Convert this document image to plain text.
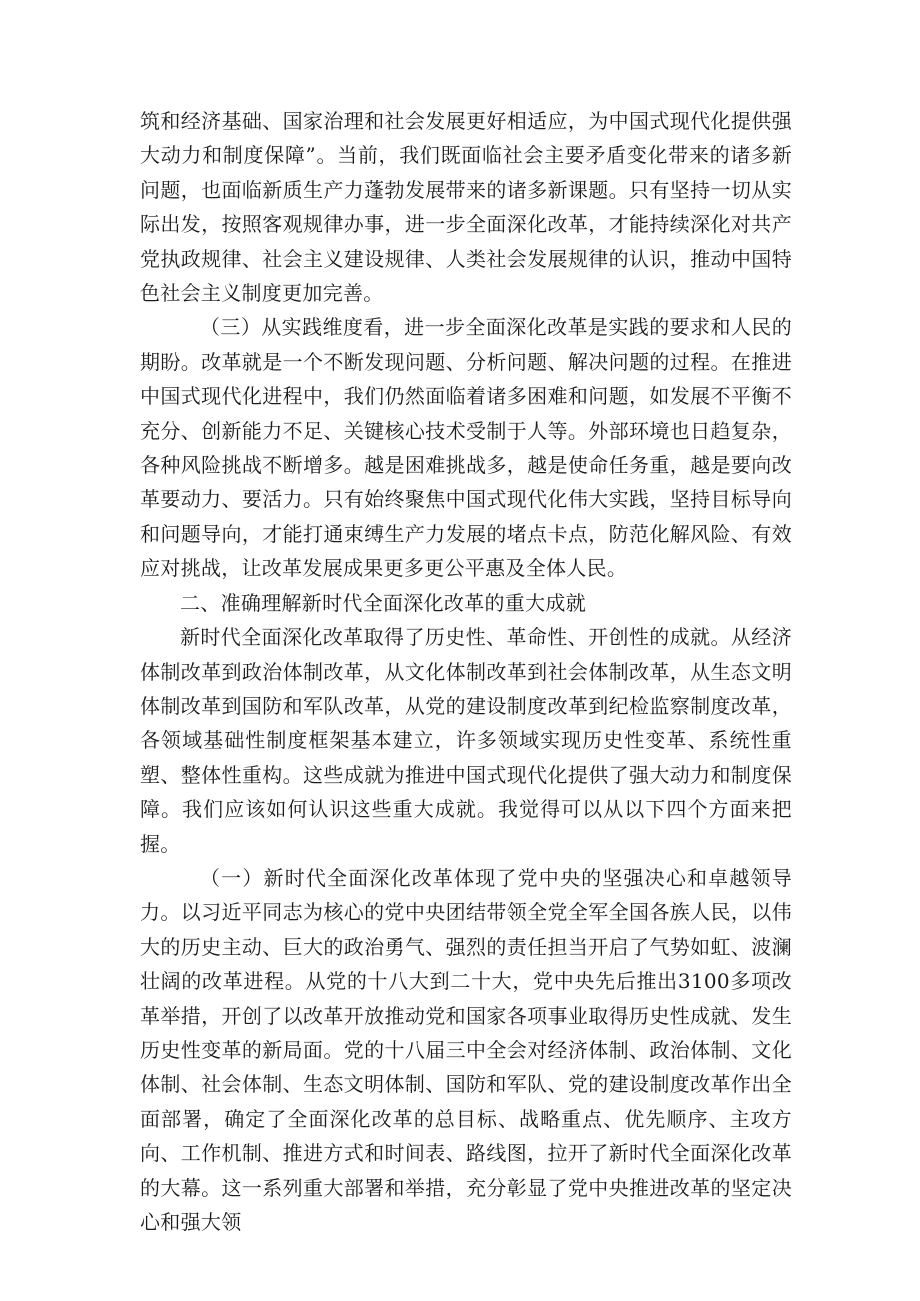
筑和经济基础、国家治理和社会发展更好相适应，为中国式现代化提供强大动力和制度保障”。当前，我们既面临社会主要矛盾变化带来的诸多新问题，也面临新质生产力蓬勃发展带来的诸多新课题。只有坚持一切从实际出发，按照客观规律办事，进一步全面深化改革，才能持续深化对共产党执政规律、社会主义建设规律、人类社会发展规律的认识，推动中国特色社会主义制度更加完善。

（三）从实践维度看，进一步全面深化改革是实践的要求和人民的期盼。改革就是一个不断发现问题、分析问题、解决问题的过程。在推进中国式现代化进程中，我们仍然面临着诸多困难和问题，如发展不平衡不充分、创新能力不足、关键核心技术受制于人等。外部环境也日趋复杂，各种风险挑战不断增多。越是困难挑战多，越是使命任务重，越是要向改革要动力、要活力。只有始终聚焦中国式现代化伟大实践，坚持目标导向和问题导向，才能打通束缚生产力发展的堵点卡点，防范化解风险、有效应对挑战，让改革发展成果更多更公平惠及全体人民。

二、准确理解新时代全面深化改革的重大成就

新时代全面深化改革取得了历史性、革命性、开创性的成就。从经济体制改革到政治体制改革，从文化体制改革到社会体制改革，从生态文明体制改革到国防和军队改革，从党的建设制度改革到纪检监察制度改革，各领域基础性制度框架基本建立，许多领域实现历史性变革、系统性重塑、整体性重构。这些成就为推进中国式现代化提供了强大动力和制度保障。我们应该如何认识这些重大成就。我觉得可以从以下四个方面来把握。

（一）新时代全面深化改革体现了党中央的坚强决心和卓越领导力。以习近平同志为核心的党中央团结带领全党全军全国各族人民，以伟大的历史主动、巨大的政治勇气、强烈的责任担当开启了气势如虹、波澜壮阔的改革进程。从党的十八大到二十大，党中央先后推出3100多项改革举措，开创了以改革开放推动党和国家各项事业取得历史性成就、发生历史性变革的新局面。党的十八届三中全会对经济体制、政治体制、文化体制、社会体制、生态文明体制、国防和军队、党的建设制度改革作出全面部署，确定了全面深化改革的总目标、战略重点、优先顺序、主攻方向、工作机制、推进方式和时间表、路线图，拉开了新时代全面深化改革的大幕。这一系列重大部署和举措，充分彰显了党中央推进改革的坚定决心和强大领
